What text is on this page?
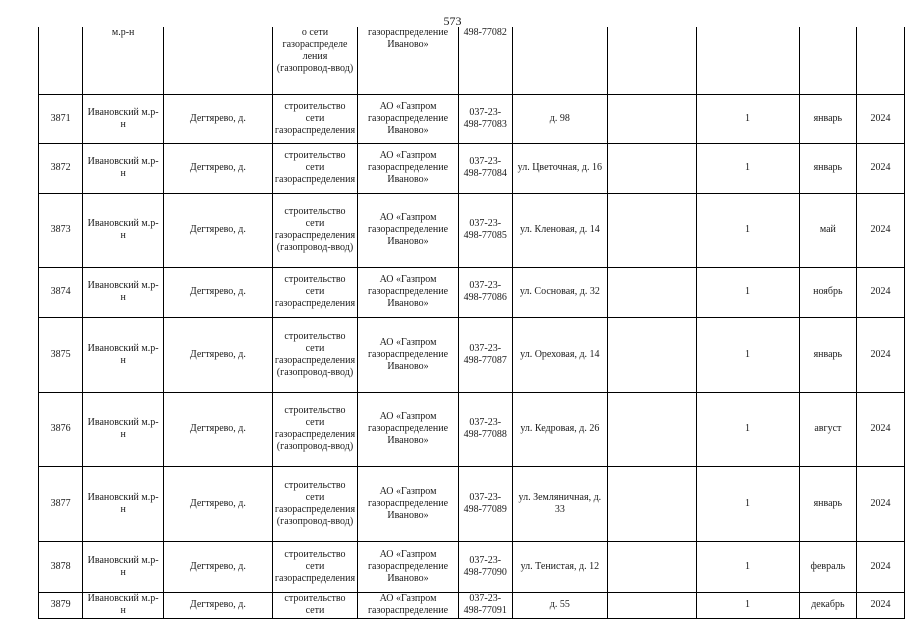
573
	м.р-н		о сети газораспределе ления (газопровод-ввод)	газораспределение Иваново»	498-77082					
3871	Ивановский м.р-н	Дегтярево, д.	строительство сети газораспределения	АО «Газпром газораспределение Иваново»	037-23-498-77083	д. 98		1	январь	2024
3872	Ивановский м.р-н	Дегтярево, д.	строительство сети газораспределения	АО «Газпром газораспределение Иваново»	037-23-498-77084	ул. Цветочная, д. 16		1	январь	2024
3873	Ивановский м.р-н	Дегтярево, д.	строительство сети газораспределения (газопровод-ввод)	АО «Газпром газораспределение Иваново»	037-23-498-77085	ул. Кленовая, д. 14		1	май	2024
3874	Ивановский м.р-н	Дегтярево, д.	строительство сети газораспределения	АО «Газпром газораспределение Иваново»	037-23-498-77086	ул. Сосновая, д. 32		1	ноябрь	2024
3875	Ивановский м.р-н	Дегтярево, д.	строительство сети газораспределения (газопровод-ввод)	АО «Газпром газораспределение Иваново»	037-23-498-77087	ул. Ореховая, д. 14		1	январь	2024
3876	Ивановский м.р-н	Дегтярево, д.	строительство сети газораспределения (газопровод-ввод)	АО «Газпром газораспределение Иваново»	037-23-498-77088	ул. Кедровая, д. 26		1	август	2024
3877	Ивановский м.р-н	Дегтярево, д.	строительство сети газораспределения (газопровод-ввод)	АО «Газпром газораспределение Иваново»	037-23-498-77089	ул. Земляничная, д. 33		1	январь	2024
3878	Ивановский м.р-н	Дегтярево, д.	строительство сети газораспределения	АО «Газпром газораспределение Иваново»	037-23-498-77090	ул. Тенистая, д. 12		1	февраль	2024
3879	Ивановский м.р-н	Дегтярево, д.	строительство сети	АО «Газпром газораспределение	037-23-498-77091	д. 55		1	декабрь	2024
